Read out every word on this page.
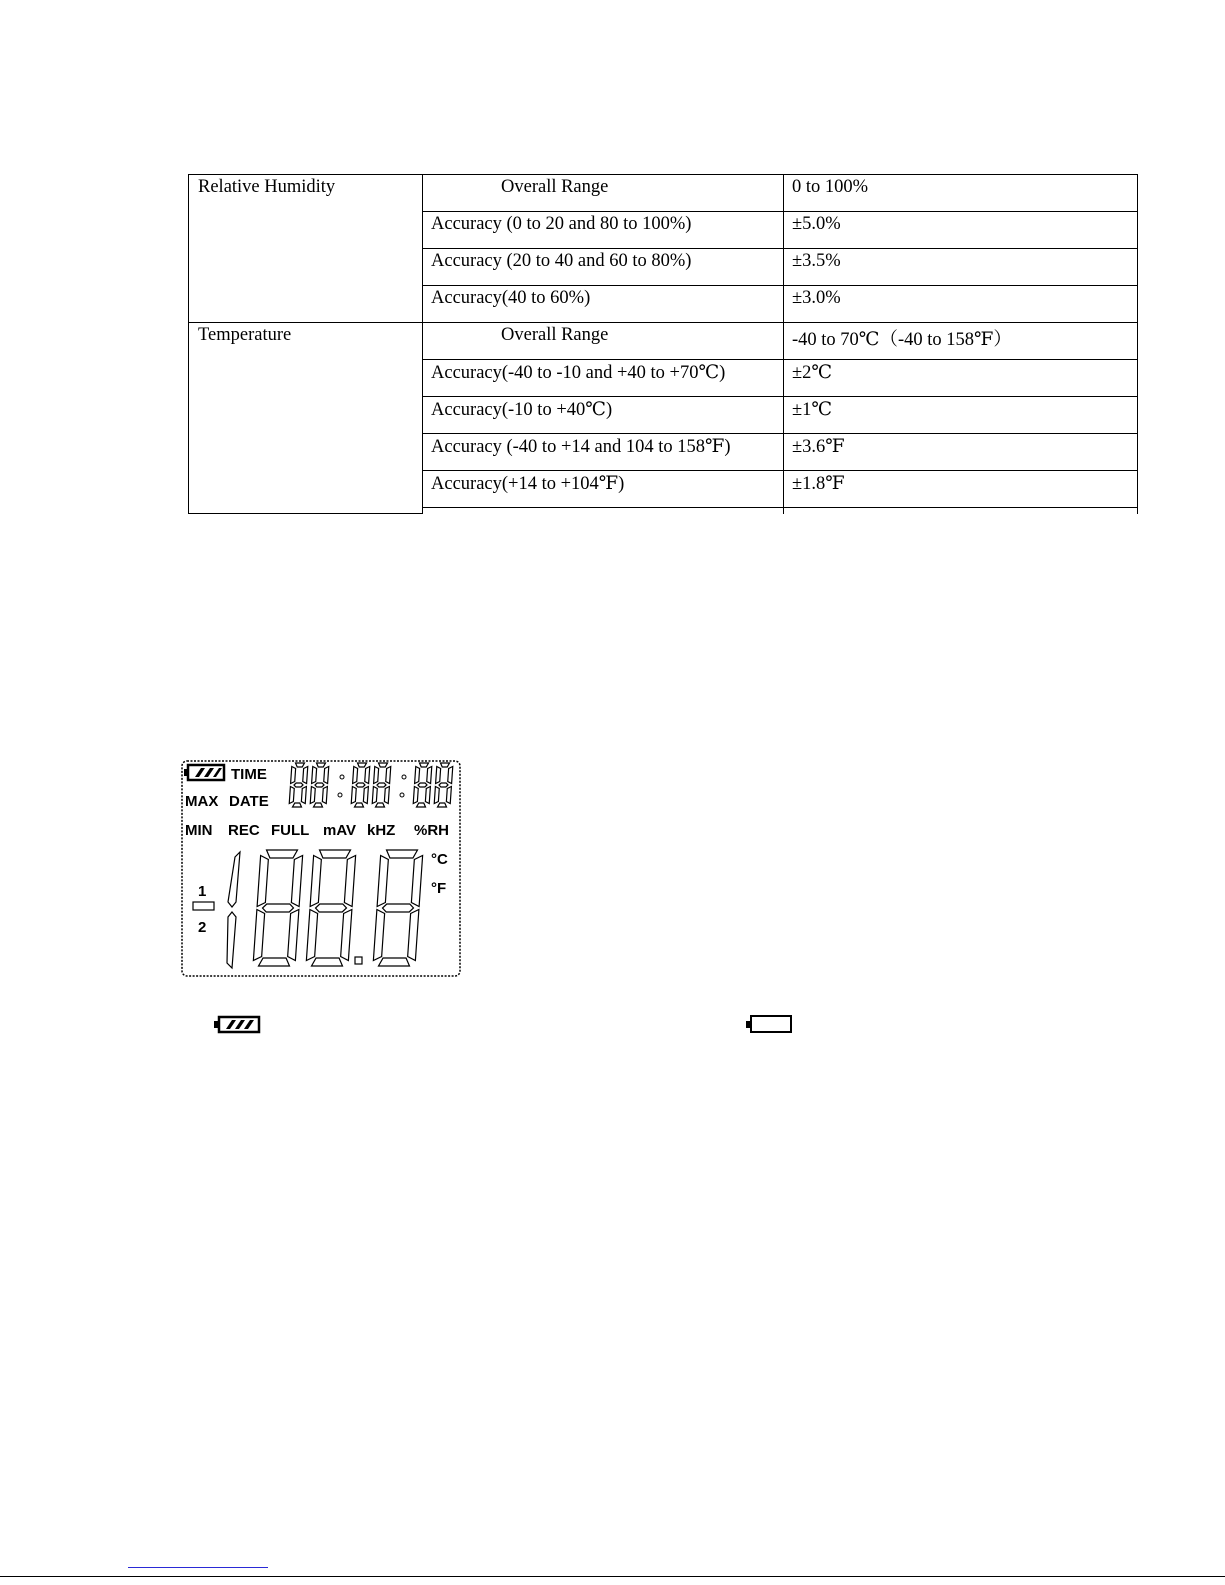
Relative Humidity	Overall Range	0 to 100%
	Accuracy (0 to 20 and 80 to 100%)	±5.0%
	Accuracy (20 to 40 and 60 to 80%)	±3.5%
	Accuracy(40 to 60%)	±3.0%
Temperature	Overall Range	-40 to 70℃（-40 to 158℉）
	Accuracy(-40 to -10 and +40 to +70℃)	±2℃
	Accuracy(-10 to +40℃)	±1℃
	Accuracy (-40 to +14 and 104 to 158℉)	±3.6℉
	Accuracy(+14 to +104℉)	±1.8℉

TIME
MAX DATE
MIN REC FULL mAV kHZ %RH
°C
°F
1
2
